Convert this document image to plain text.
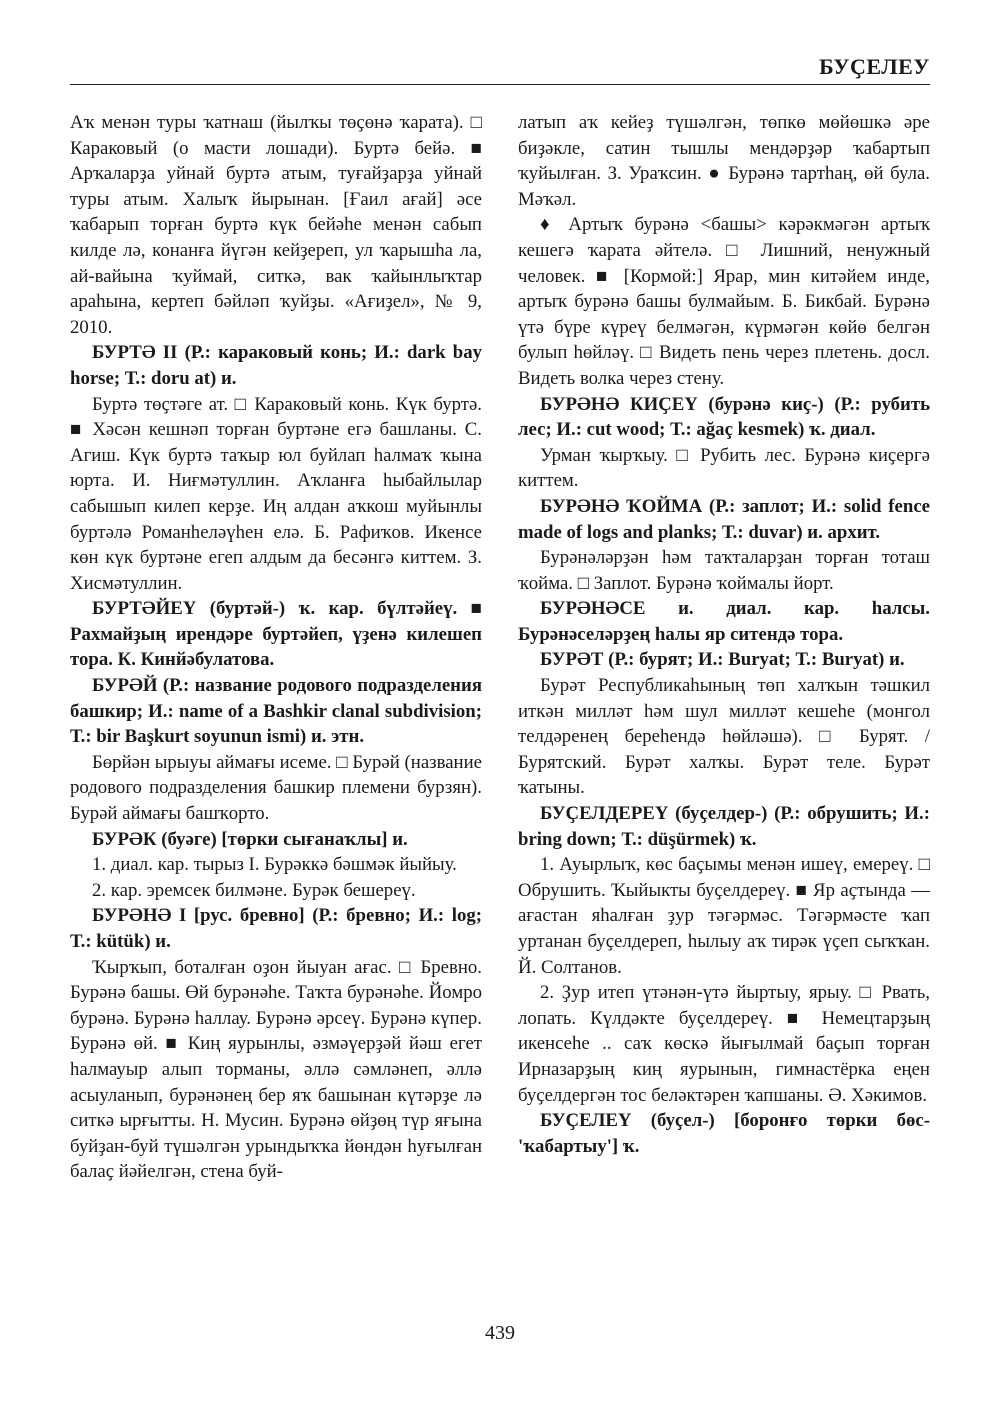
БУҪЕЛЕУ

Аҡ менән туры ҡатнаш (йылҡы төҫөнә ҡарата). □ Караковый (о масти лошади). Буртә бейә. ■ Арҡаларҙа уйнай буртә атым, туғайҙарҙа уйнай туры атым. Халыҡ йырынан. [Ғаил ағай] әсе ҡабарып торған буртә күк бейәһе менән сабып килде лә, конанға йүгән кейҙереп, ул ҡарышһа ла, ай-вайына ҡуймай, ситкә, вак ҡайынлыҡтар араһына, кертеп бәйләп ҡуйҙы. «Ағиҙел», № 9, 2010.

БУРТӘ II (Р.: караковый конь; И.: dark bay horse; Т.: doru at) и.

Буртә төҫтәге ат. □ Караковый конь. Күк буртә. ■ Хәсән кешнәп торған буртәне егә башланы. С. Агиш. Күк буртә таҡыр юл буйлап һалмаҡ ҡына юрта. И. Ниғмәтуллин. Аҡланға һыбайлылар сабышып килеп керҙе. Иң алдан аҡкош муйынлы буртәлә Романһеләүһен елә. Б. Рафиҡов. Икенсе көн күк буртәне егеп алдым да бесәнгә киттем. З. Хисмәтуллин.

БУРТӘЙЕҮ (буртәй-) ҡ. кар. бүлтәйеү. ■ Рахмайҙың ирендәре буртәйеп, үҙенә килешеп тора. К. Кинйәбулатова.

БУРӘЙ (Р.: название родового подразделения башкир; И.: name of a Bashkir clanal subdivision; Т.: bir Başkurt soyunun ismi) и. этн.

Бөрйән ырыуы аймағы исеме. □ Бурәй (название родового подразделения башкир племени бурзян). Бурәй аймағы башҡорто.

БУРӘК (буәге) [төрки сығанаҡлы] и.

1. диал. кар. тырыз I. Бурәккә бәшмәк йыйыу.

2. кар. эремсек билмәне. Бурәк бешереү.

БУРӘНӘ I [рус. бревно] (Р.: бревно; И.: log; Т.: kütük) и.

Ҡырҡып, боталған оҙон йыуан ағас. □ Бревно. Бурәнә башы. Өй бурәнәһе. Таҡта бурәнәһе. Йомро бурәнә. Бурәнә һаллау. Бурәнә әрсеү. Бурәнә күпер. Бурәнә өй. ■ Киң яурынлы, әзмәүерҙәй йәш егет һалмауыр алып торманы, әллә сәмләнеп, әллә асыуланып, бурәнәнең бер яҡ башынан күтәрҙе лә ситкә ырғытты. Н. Мусин. Бурәнә өйҙөң түр яғына буйҙан-буй түшәлгән урындыҡҡа йөндән һуғылған балаҫ йәйелгән, стена буй-

латып аҡ кейеҙ түшәлгән, төпкө мөйөшкә әре биҙәкле, сатин тышлы мендәрҙәр ҡабартып ҡуйылған. З. Ураҡсин. ● Бурәнә тартһаң, өй була. Мәҡәл.

♦ Артыҡ бурәнә <башы> кәрәкмәгән артыҡ кешегә ҡарата әйтелә. □ Лишний, ненужный человек. ■ [Кормой:] Ярар, мин китәйем инде, артыҡ бурәнә башы булмайым. Б. Бикбай. Бурәнә үтә бүре күреү белмәгән, күрмәгән көйө белгән булып һөйләү. □ Видеть пень через плетень. досл. Видеть волка через стену.

БУРӘНӘ КИҪЕҮ (бурәнә киҫ-) (Р.: рубить лес; И.: cut wood; Т.: ağaç kesmek) ҡ. диал.

Урман ҡырҡыу. □ Рубить лес. Бурәнә киҫергә киттем.

БУРӘНӘ ҠОЙМА (Р.: заплот; И.: solid fence made of logs and planks; Т.: duvar) и. архит.

Бурәнәләрҙән һәм таҡталарҙан торған тоташ ҡойма. □ Заплот. Бурәнә ҡоймалы йорт.

БУРӘНӘСЕ и. диал. кар. һалсы. Бурәнәселәрҙең һалы яр ситендә тора.

БУРӘТ (Р.: бурят; И.: Buryat; Т.: Buryat) и.

Бурәт Республикаһының төп халҡын тәшкил иткән милләт һәм шул милләт кешеһе (монгол телдәренең береһендә һөйләшә). □ Бурят. / Бурятский. Бурәт халҡы. Бурәт теле. Бурәт ҡатыны.

БУҪЕЛДЕРЕҮ (буҫелдер-) (Р.: обрушить; И.: bring down; Т.: düşürmek) ҡ.

1. Ауырлыҡ, көс баҫымы менән ишеү, емереү. □ Обрушить. Ҡыйыкты буҫелдереү. ■ Яр аҫтында — ағастан яһалған ҙур тәгәрмәс. Тәгәрмәсте ҡап уртанан буҫелдереп, һылыу аҡ тирәк үҫеп сыҡҡан. Й. Солтанов.

2. Ҙур итеп үтәнән-үтә йыртыу, ярыу. □ Рвать, лопать. Күлдәкте буҫелдереү. ■ Немецтарҙың икенсеһе .. саҡ көскә йығылмай баҫып торған Ирназарҙың киң яурынын, гимнастёрка еңен буҫелдергән тос беләктәрен ҡапшаны. Ә. Хәкимов.

БУҪЕЛЕҮ (буҫел-) [боронғо төрки бөс- 'ҡабартыу'] ҡ.

439
